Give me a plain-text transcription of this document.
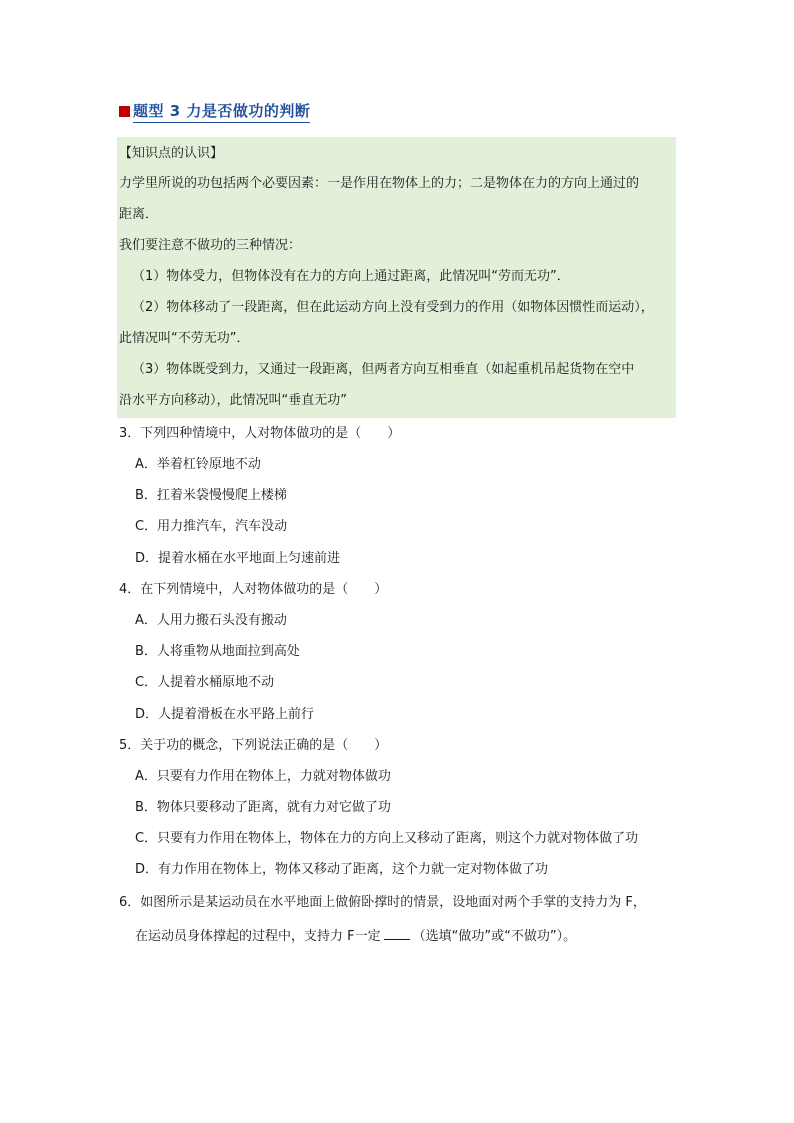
题型 3 力是否做功的判断
【知识点的认识】
力学里所说的功包括两个必要因素：一是作用在物体上的力；二是物体在力的方向上通过的
距离．
我们要注意不做功的三种情况：
（1）物体受力，但物体没有在力的方向上通过距离，此情况叫“劳而无功”．
（2）物体移动了一段距离，但在此运动方向上没有受到力的作用（如物体因惯性而运动），
此情况叫“不劳无功”．
（3）物体既受到力，又通过一段距离，但两者方向互相垂直（如起重机吊起货物在空中
沿水平方向移动），此情况叫“垂直无功”
3．下列四种情境中，人对物体做功的是（　　）
A．举着杠铃原地不动
B．扛着米袋慢慢爬上楼梯
C．用力推汽车，汽车没动
D．提着水桶在水平地面上匀速前进
4．在下列情境中，人对物体做功的是（　　）
A．人用力搬石头没有搬动
B．人将重物从地面拉到高处
C．人提着水桶原地不动
D．人提着滑板在水平路上前行
5．关于功的概念，下列说法正确的是（　　）
A．只要有力作用在物体上，力就对物体做功
B．物体只要移动了距离，就有力对它做了功
C．只要有力作用在物体上，物体在力的方向上又移动了距离，则这个力就对物体做了功
D．有力作用在物体上，物体又移动了距离，这个力就一定对物体做了功
6．如图所示是某运动员在水平地面上做俯卧撑时的情景，设地面对两个手掌的支持力为 F，
在运动员身体撑起的过程中，支持力 F一定 （选填“做功”或“不做功”）。
